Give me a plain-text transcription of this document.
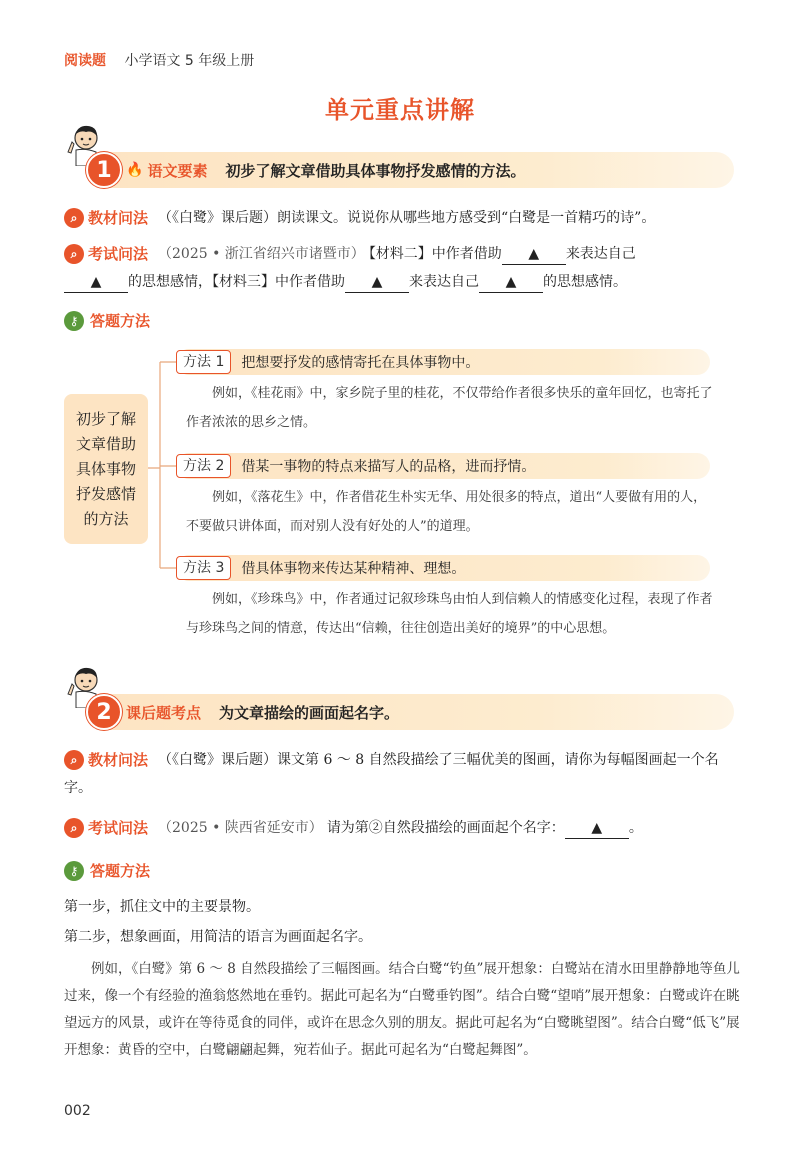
阅读题 小学语文 5 年级上册
单元重点讲解
🔥 语文要素 初步了解文章借助具体事物抒发感情的方法。
1
⌕ 教材问法 （《白鹭》课后题）朗读课文。说说你从哪些地方感受到“白鹭是一首精巧的诗”。
⌕ 考试问法 （2025 • 浙江省绍兴市诸暨市） 【材料二】中作者借助 ▲ 来表达自己
▲ 的思想感情，【材料三】中作者借助 ▲ 来表达自己 ▲ 的思想感情。
⚷ 答题方法
初步了解
文章借助
具体事物
抒发感情
的方法
方法 1	把想要抒发的感情寄托在具体事物中。
例如，《桂花雨》中，家乡院子里的桂花，不仅带给作者很多快乐的童年回忆，也寄托了作者浓浓的思乡之情。
方法 2	借某一事物的特点来描写人的品格，进而抒情。
例如，《落花生》中，作者借花生朴实无华、用处很多的特点，道出“人要做有用的人，不要做只讲体面，而对别人没有好处的人”的道理。
方法 3	借具体事物来传达某种精神、理想。
例如，《珍珠鸟》中，作者通过记叙珍珠鸟由怕人到信赖人的情感变化过程，表现了作者与珍珠鸟之间的情意，传达出“信赖，往往创造出美好的境界”的中心思想。
课后题考点 为文章描绘的画面起名字。
2
⌕ 教材问法 （《白鹭》课后题）课文第 6 ～ 8 自然段描绘了三幅优美的图画，请你为每幅图画起一个名字。
⌕ 考试问法 （2025 • 陕西省延安市） 请为第②自然段描绘的画面起个名字： ▲ 。
⚷ 答题方法
第一步，抓住文中的主要景物。
第二步，想象画面，用简洁的语言为画面起名字。
例如，《白鹭》第 6 ～ 8 自然段描绘了三幅图画。结合白鹭“钓鱼”展开想象：白鹭站在清水田里静静地等鱼儿过来，像一个有经验的渔翁悠然地在垂钓。据此可起名为“白鹭垂钓图”。结合白鹭“望哨”展开想象：白鹭或许在眺望远方的风景，或许在等待觅食的同伴，或许在思念久别的朋友。据此可起名为“白鹭眺望图”。结合白鹭“低飞”展开想象：黄昏的空中，白鹭翩翩起舞，宛若仙子。据此可起名为“白鹭起舞图”。
002
